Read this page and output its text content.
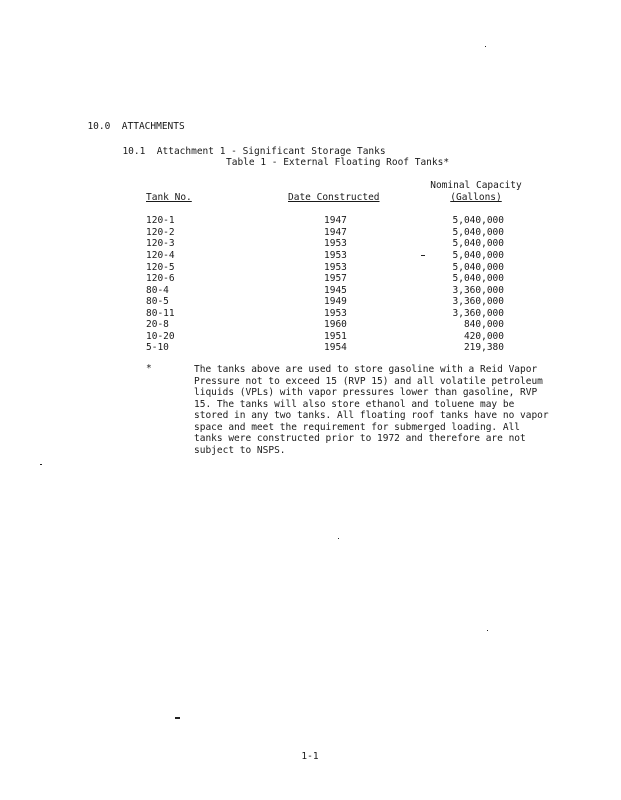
10.0 ATTACHMENTS

10.1 Attachment 1 - Significant Storage Tanks

Table 1 - External Floating Roof Tanks*
Nominal Capacity
Tank No.	Date Constructed	(Gallons)
120-1	1947	5,040,000
120-2	1947	5,040,000
120-3	1953	5,040,000
120-4	1953	5,040,000
120-5	1953	5,040,000
120-6	1957	5,040,000
80-4	1945	3,360,000
80-5	1949	3,360,000
80-11	1953	3,360,000
20-8	1960	840,000
10-20	1951	420,000
5-10	1954	219,380
*	The tanks above are used to store gasoline with a Reid Vapor Pressure not to exceed 15 (RVP 15) and all volatile petroleum liquids (VPLs) with vapor pressures lower than gasoline, RVP 15. The tanks will also store ethanol and toluene may be stored in any two tanks. All floating roof tanks have no vapor space and meet the requirement for submerged loading. All tanks were constructed prior to 1972 and therefore are not subject to NSPS.
1-1
